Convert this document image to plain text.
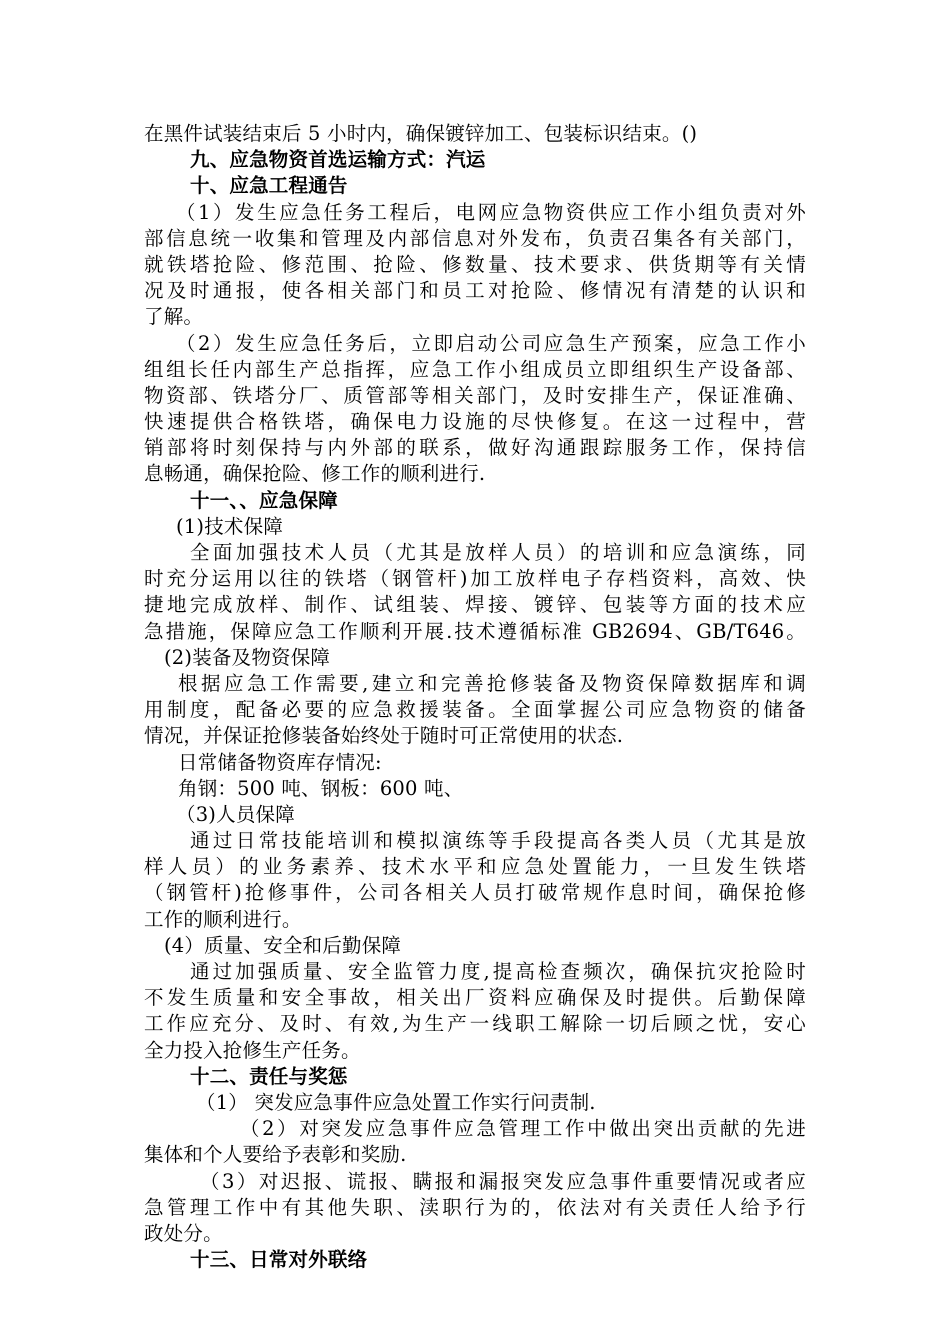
在黑件试装结束后 5 小时内，确保镀锌加工、包装标识结束。()
九、应急物资首选运输方式：汽运
十、应急工程通告
（1）发生应急任务工程后，电网应急物资供应工作小组负责对外
部信息统一收集和管理及内部信息对外发布，负责召集各有关部门，
就铁塔抢险、修范围、抢险、修数量、技术要求、供货期等有关情
况及时通报，使各相关部门和员工对抢险、修情况有清楚的认识和
了解。
（2）发生应急任务后，立即启动公司应急生产预案，应急工作小
组组长任内部生产总指挥，应急工作小组成员立即组织生产设备部、
物资部、铁塔分厂、质管部等相关部门，及时安排生产，保证准确、
快速提供合格铁塔，确保电力设施的尽快修复。在这一过程中，营
销部将时刻保持与内外部的联系，做好沟通跟踪服务工作，保持信
息畅通，确保抢险、修工作的顺利进行.
十一、、应急保障
(1)技术保障
全面加强技术人员（尤其是放样人员）的培训和应急演练，同
时充分运用以往的铁塔（钢管杆)加工放样电子存档资料，高效、快
捷地完成放样、制作、试组装、焊接、镀锌、包装等方面的技术应
急措施，保障应急工作顺利开展.技术遵循标准 GB2694、GB/T646。
(2)装备及物资保障
根据应急工作需要,建立和完善抢修装备及物资保障数据库和调
用制度，配备必要的应急救援装备。全面掌握公司应急物资的储备
情况，并保证抢修装备始终处于随时可正常使用的状态.
日常储备物资库存情况:
角钢：500 吨、钢板：600 吨、
（3)人员保障
通过日常技能培训和模拟演练等手段提高各类人员（尤其是放
样人员）的业务素养、技术水平和应急处置能力，一旦发生铁塔
（钢管杆)抢修事件，公司各相关人员打破常规作息时间，确保抢修
工作的顺利进行。
(4）质量、安全和后勤保障
通过加强质量、安全监管力度,提高检查频次，确保抗灾抢险时
不发生质量和安全事故，相关出厂资料应确保及时提供。后勤保障
工作应充分、及时、有效,为生产一线职工解除一切后顾之忧，安心
全力投入抢修生产任务。
十二、责任与奖惩
（1） 突发应急事件应急处置工作实行问责制.
（2）对突发应急事件应急管理工作中做出突出贡献的先进
集体和个人要给予表彰和奖励.
（3）对迟报、谎报、瞒报和漏报突发应急事件重要情况或者应
急管理工作中有其他失职、渎职行为的，依法对有关责任人给予行
政处分。
十三、日常对外联络
